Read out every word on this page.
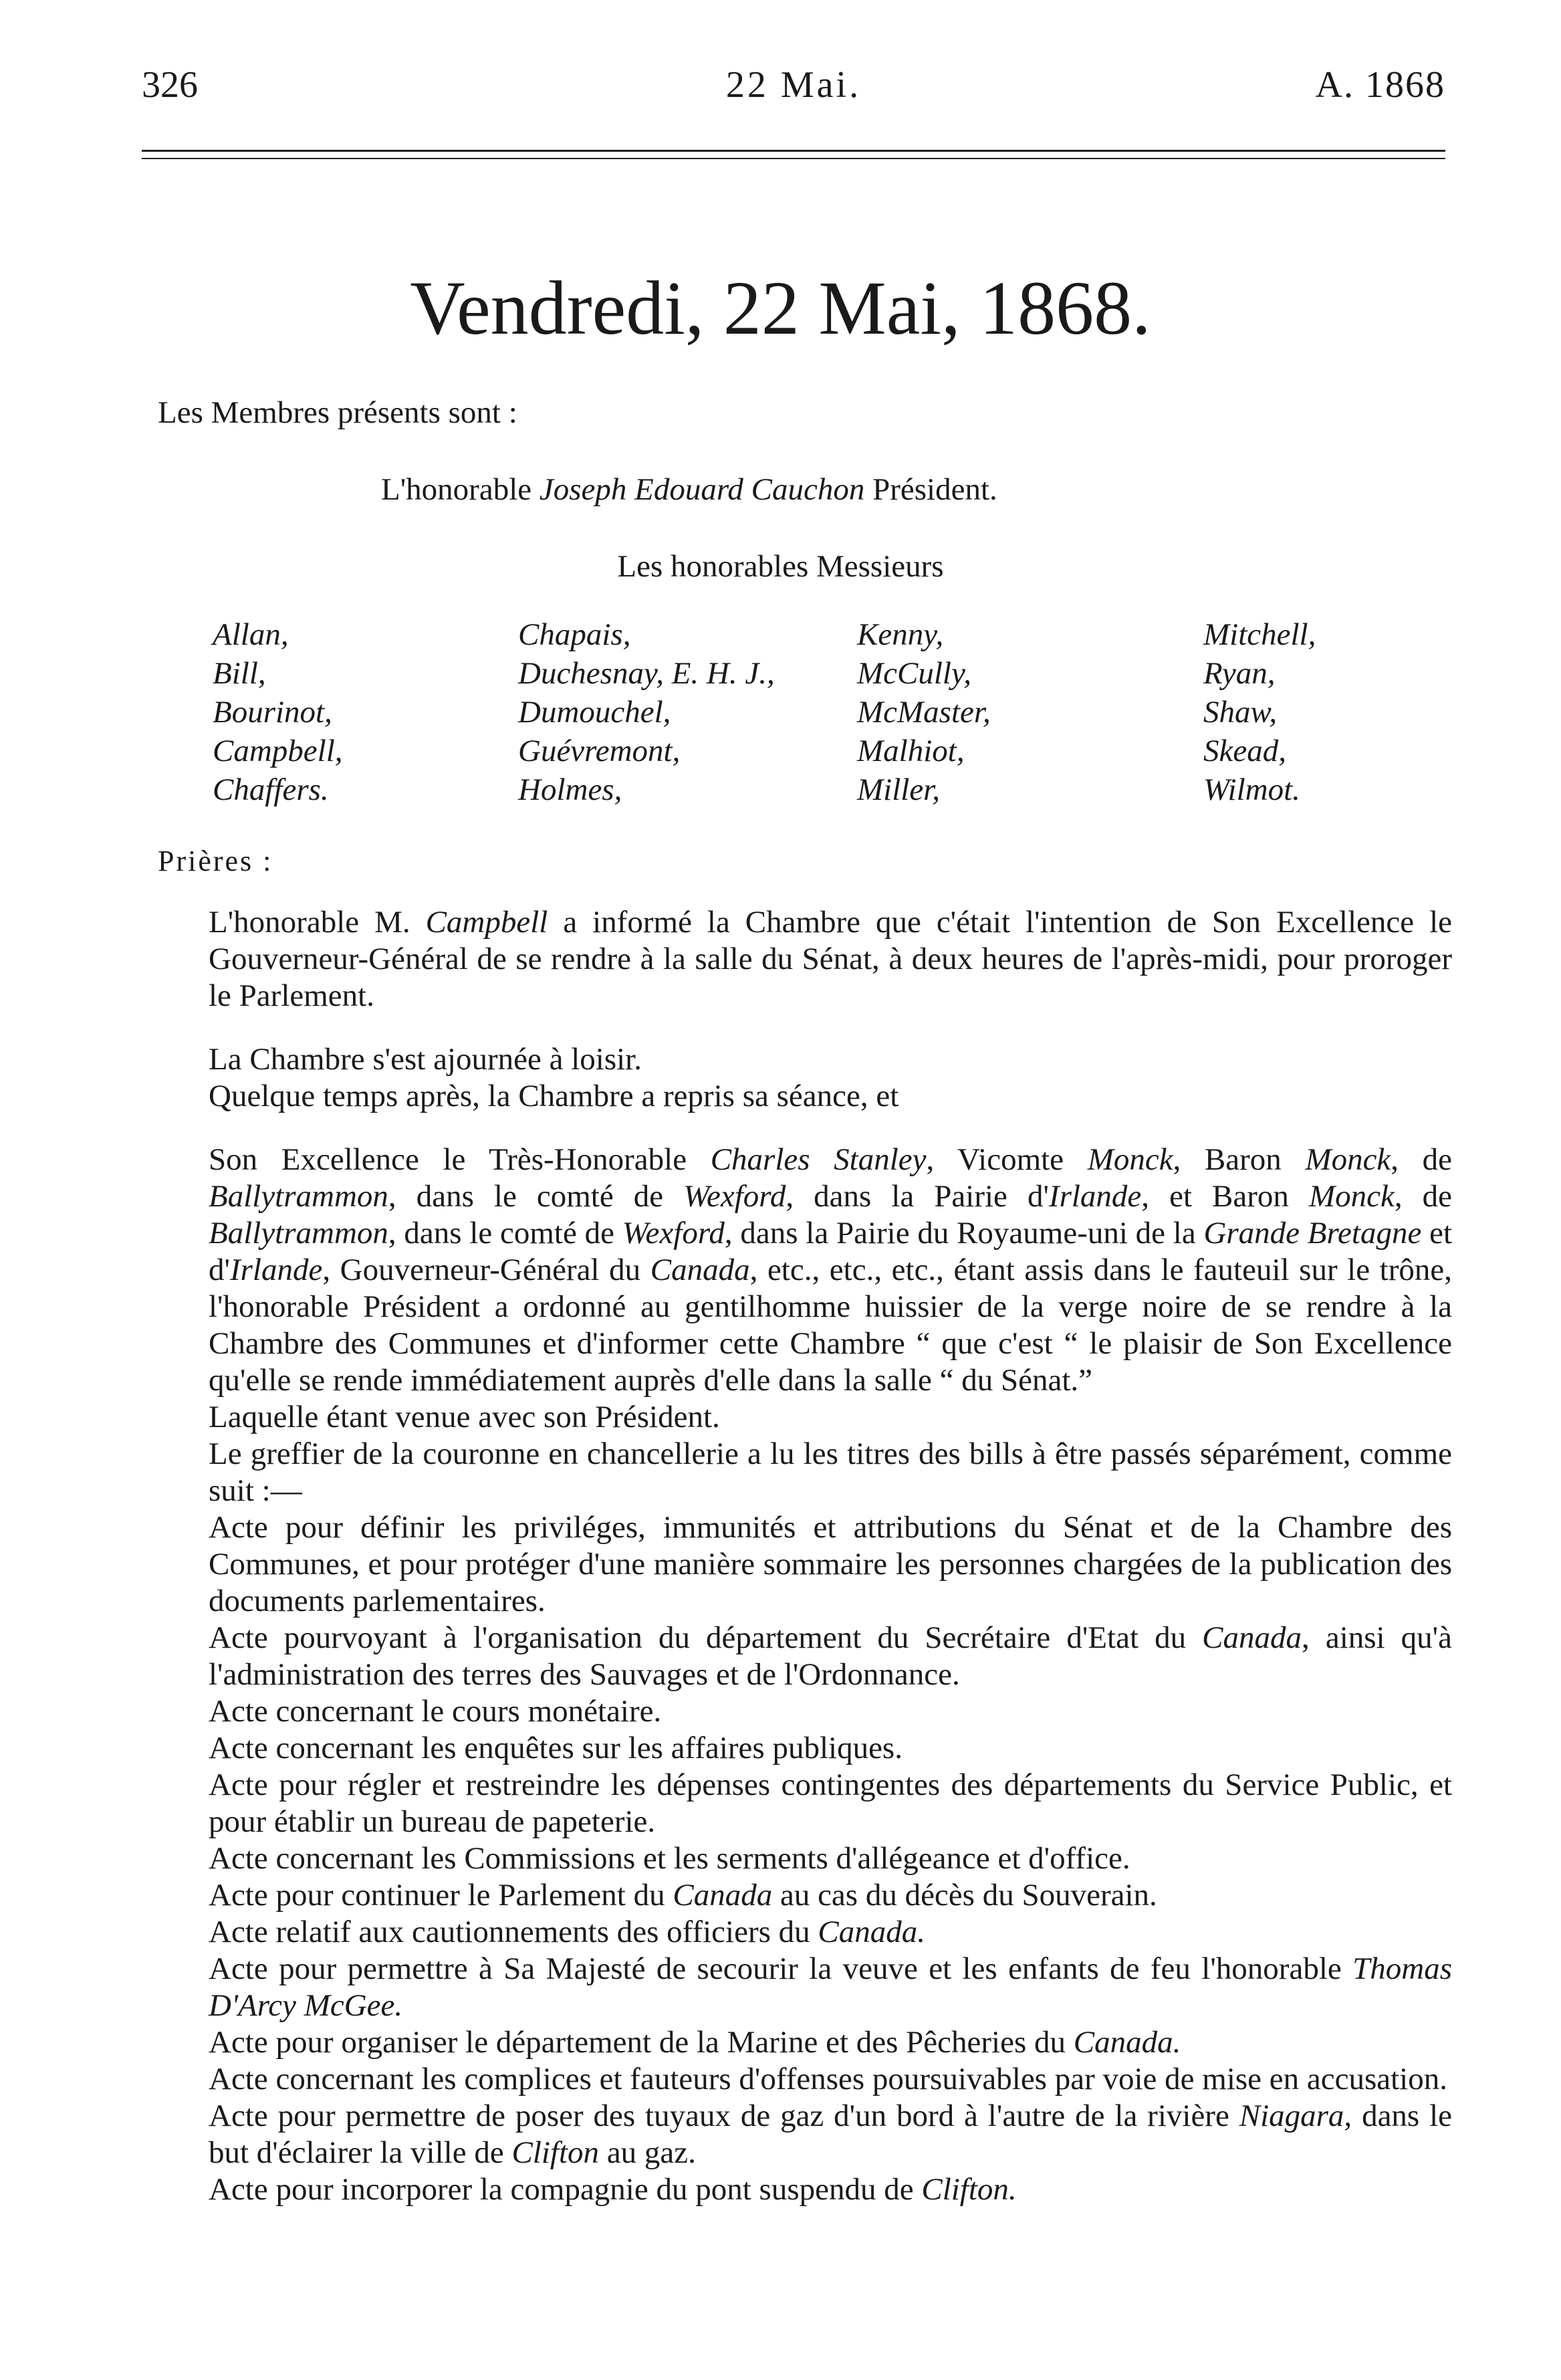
326	22 Mai.	A. 1868
Vendredi, 22 Mai, 1868.
Les Membres présents sont :
L'honorable Joseph Edouard Cauchon Président.
Les honorables Messieurs
Allan,
Bill,
Bourinot,
Campbell,
Chaffers.
Chapais,
Duchesnay, E. H. J.,
Dumouchel,
Guévremont,
Holmes,
Kenny,
McCully,
McMaster,
Malhiot,
Miller,
Mitchell,
Ryan,
Shaw,
Skead,
Wilmot.
Prières :

L'honorable M. Campbell a informé la Chambre que c'était l'intention de Son Excellence le Gouverneur-Général de se rendre à la salle du Sénat, à deux heures de l'après-midi, pour proroger le Parlement.

La Chambre s'est ajournée à loisir.

Quelque temps après, la Chambre a repris sa séance, et

Son Excellence le Très-Honorable Charles Stanley, Vicomte Monck, Baron Monck, de Ballytrammon, dans le comté de Wexford, dans la Pairie d'Irlande, et Baron Monck, de Ballytrammon, dans le comté de Wexford, dans la Pairie du Royaume-uni de la Grande Bretagne et d'Irlande, Gouverneur-Général du Canada, etc., etc., etc., étant assis dans le fauteuil sur le trône, l'honorable Président a ordonné au gentilhomme huissier de la verge noire de se rendre à la Chambre des Communes et d'informer cette Chambre “ que c'est “ le plaisir de Son Excellence qu'elle se rende immédiatement auprès d'elle dans la salle “ du Sénat.”

Laquelle étant venue avec son Président.

Le greffier de la couronne en chancellerie a lu les titres des bills à être passés séparément, comme suit :—

Acte pour définir les priviléges, immunités et attributions du Sénat et de la Chambre des Communes, et pour protéger d'une manière sommaire les personnes chargées de la publication des documents parlementaires.

Acte pourvoyant à l'organisation du département du Secrétaire d'Etat du Canada, ainsi qu'à l'administration des terres des Sauvages et de l'Ordonnance.

Acte concernant le cours monétaire.

Acte concernant les enquêtes sur les affaires publiques.

Acte pour régler et restreindre les dépenses contingentes des départements du Service Public, et pour établir un bureau de papeterie.

Acte concernant les Commissions et les serments d'allégeance et d'office.

Acte pour continuer le Parlement du Canada au cas du décès du Souverain.

Acte relatif aux cautionnements des officiers du Canada.

Acte pour permettre à Sa Majesté de secourir la veuve et les enfants de feu l'honorable Thomas D'Arcy McGee.

Acte pour organiser le département de la Marine et des Pêcheries du Canada.

Acte concernant les complices et fauteurs d'offenses poursuivables par voie de mise en accusation.

Acte pour permettre de poser des tuyaux de gaz d'un bord à l'autre de la rivière Niagara, dans le but d'éclairer la ville de Clifton au gaz.

Acte pour incorporer la compagnie du pont suspendu de Clifton.
